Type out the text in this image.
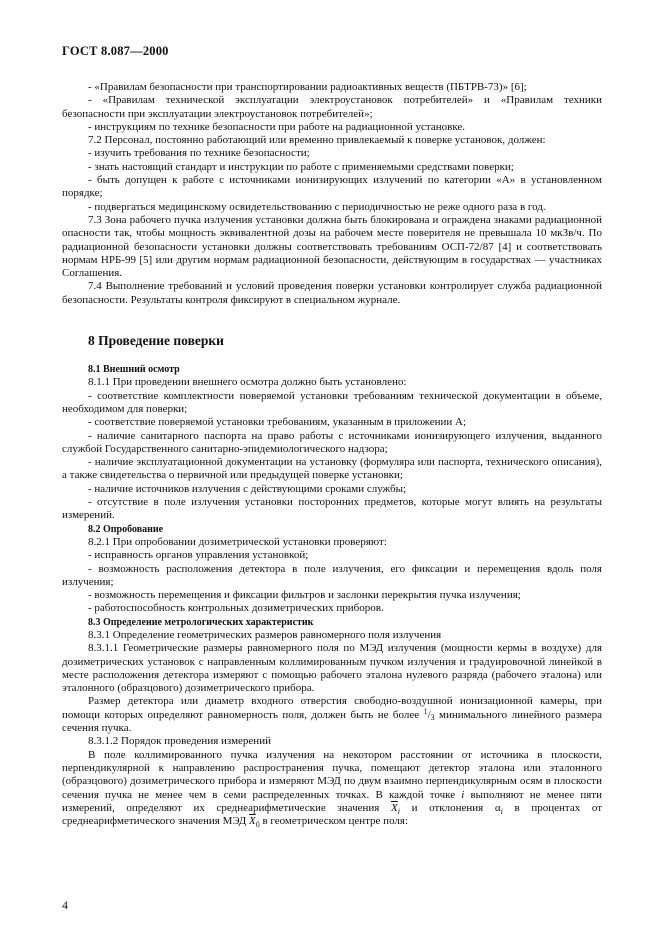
ГОСТ 8.087—2000

- «Правилам безопасности при транспортировании радиоактивных веществ (ПБТРВ-73)» [6];

- «Правилам технической эксплуатации электроустановок потребителей» и «Правилам техники безопасности при эксплуатации электроустановок потребителей»;

- инструкциям по технике безопасности при работе на радиационной установке.

7.2 Персонал, постоянно работающий или временно привлекаемый к поверке установок, должен:

- изучить требования по технике безопасности;

- знать настоящий стандарт и инструкции по работе с применяемыми средствами поверки;

- быть допущен к работе с источниками ионизирующих излучений по категории «А» в установленном порядке;

- подвергаться медицинскому освидетельствованию с периодичностью не реже одного раза в год.

7.3 Зона рабочего пучка излучения установки должна быть блокирована и ограждена знаками радиационной опасности так, чтобы мощность эквивалентной дозы на рабочем месте поверителя не превышала 10 мкЗв/ч. По радиационной безопасности установки должны соответствовать требованиям ОСП-72/87 [4] и соответствовать нормам НРБ-99 [5] или другим нормам радиационной безопасности, действующим в государствах — участниках Соглашения.

7.4 Выполнение требований и условий проведения поверки установки контролирует служба радиационной безопасности. Результаты контроля фиксируют в специальном журнале.

8 Проведение поверки

8.1 Внешний осмотр

8.1.1 При проведении внешнего осмотра должно быть установлено:

- соответствие комплектности поверяемой установки требованиям технической документации в объеме, необходимом для поверки;

- соответствие поверяемой установки требованиям, указанным в приложении А;

- наличие санитарного паспорта на право работы с источниками ионизирующего излучения, выданного службой Государственного санитарно-эпидемиологического надзора;

- наличие эксплуатационной документации на установку (формуляра или паспорта, технического описания), а также свидетельства о первичной или предыдущей поверке установки;

- наличие источников излучения с действующими сроками службы;

- отсутствие в поле излучения установки посторонних предметов, которые могут влиять на результаты измерений.

8.2 Опробование

8.2.1 При опробовании дозиметрической установки проверяют:

- исправность органов управления установкой;

- возможность расположения детектора в поле излучения, его фиксации и перемещения вдоль поля излучения;

- возможность перемещения и фиксации фильтров и заслонки перекрытия пучка излучения;

- работоспособность контрольных дозиметрических приборов.

8.3 Определение метрологических характеристик

8.3.1 Определение геометрических размеров равномерного поля излучения

8.3.1.1 Геометрические размеры равномерного поля по МЭД излучения (мощности кермы в воздухе) для дозиметрических установок с направленным коллимированным пучком излучения и градуировочной линейкой в месте расположения детектора измеряют с помощью рабочего эталона нулевого разряда (рабочего эталона) или эталонного (образцового) дозиметрического прибора.

Размер детектора или диаметр входного отверстия свободно-воздушной ионизационной камеры, при помощи которых определяют равномерность поля, должен быть не более $^1/_3$ минимального линейного размера сечения пучка.

8.3.1.2 Порядок проведения измерений

В поле коллимированного пучка излучения на некотором расстоянии от источника в плоскости, перпендикулярной к направлению распространения пучка, помещают детектор эталона или эталонного (образцового) дозиметрического прибора и измеряют МЭД по двум взаимно перпендикулярным осям в плоскости сечения пучка не менее чем в семи распределенных точках. В каждой точке i выполняют не менее пяти измерений, определяют их среднеарифметические значения $\overline{X}_i$ и отклонения $\alpha_i$ в процентах от среднеарифметического значения МЭД $\overline{X}_0$ в геометрическом центре поля:

4
